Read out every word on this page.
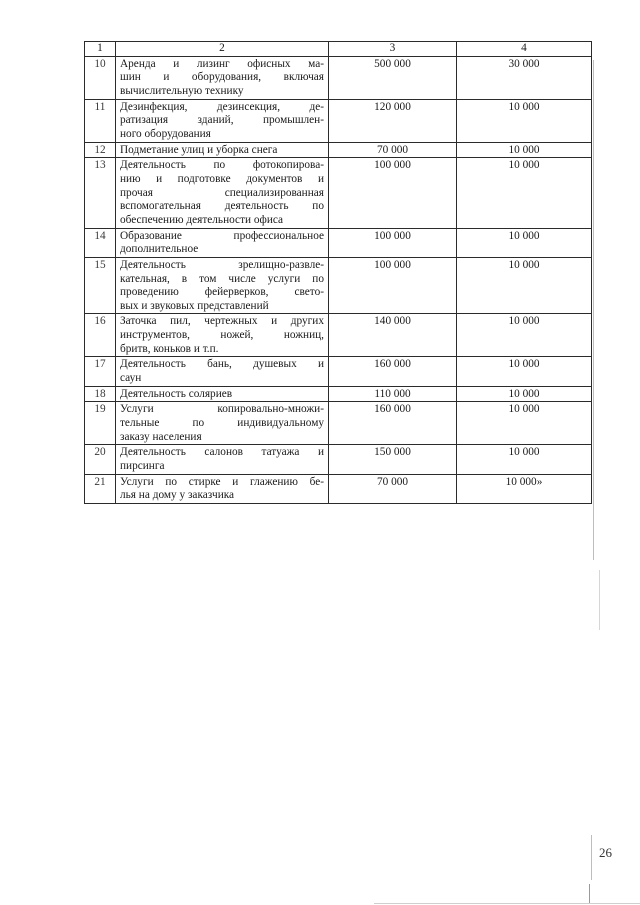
1	2	3	4
10	Аренда и лизинг офисных ма-
шин и оборудования, включая
вычислительную технику	500 000	30 000
11	Дезинфекция, дезинсекция, де-
ратизация зданий, промышлен-
ного оборудования	120 000	10 000
12	Подметание улиц и уборка снега	70 000	10 000
13	Деятельность по фотокопирова-
нию и подготовке документов и
прочая специализированная
вспомогательная деятельность по
обеспечению деятельности офиса	100 000	10 000
14	Образование профессиональное
дополнительное	100 000	10 000
15	Деятельность зрелищно-развле-
кательная, в том числе услуги по
проведению фейерверков, свето-
вых и звуковых представлений	100 000	10 000
16	Заточка пил, чертежных и других
инструментов, ножей, ножниц,
бритв, коньков и т.п.	140 000	10 000
17	Деятельность бань, душевых и
саун	160 000	10 000
18	Деятельность соляриев	110 000	10 000
19	Услуги копировально-множи-
тельные по индивидуальному
заказу населения	160 000	10 000
20	Деятельность салонов татуажа и
пирсинга	150 000	10 000
21	Услуги по стирке и глажению бе-
лья на дому у заказчика	70 000	10 000»
26
